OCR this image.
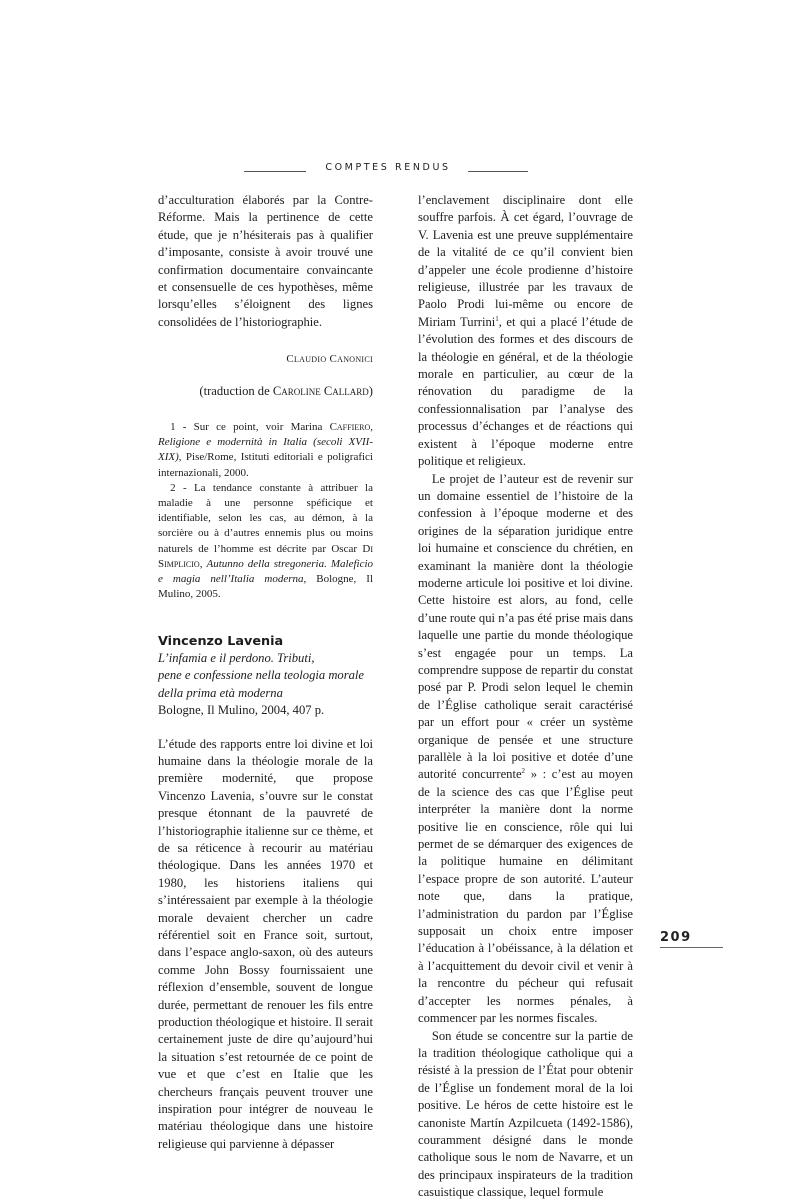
COMPTES RENDUS

d’acculturation élaborés par la Contre-Réforme. Mais la pertinence de cette étude, que je n’hésiterais pas à qualifier d’imposante, consiste à avoir trouvé une confirmation documentaire convaincante et consensuelle de ces hypothèses, même lorsqu’elles s’éloignent des lignes consolidées de l’historiographie.

Claudio Canonici
(traduction de Caroline Callard)

1 - Sur ce point, voir Marina Caffiero, Religione e modernità in Italia (secoli XVII-XIX), Pise/Rome, Istituti editoriali e poligrafici internazionali, 2000.

2 - La tendance constante à attribuer la maladie à une personne spéficique et identifiable, selon les cas, au démon, à la sorcière ou à d’autres ennemis plus ou moins naturels de l’homme est décrite par Oscar Di Simplicio, Autunno della stregoneria. Maleficio e magia nell’Italia moderna, Bologne, Il Mulino, 2005.

Vincenzo Lavenia
L’infamia e il perdono. Tributi,
pene e confessione nella teologia morale
della prima età moderna
Bologne, Il Mulino, 2004, 407 p.

L’étude des rapports entre loi divine et loi humaine dans la théologie morale de la première modernité, que propose Vincenzo Lavenia, s’ouvre sur le constat presque étonnant de la pauvreté de l’historiographie italienne sur ce thème, et de sa réticence à recourir au matériau théologique. Dans les années 1970 et 1980, les historiens italiens qui s’intéressaient par exemple à la théologie morale devaient chercher un cadre référentiel soit en France soit, surtout, dans l’espace anglo-saxon, où des auteurs comme John Bossy fournissaient une réflexion d’ensemble, souvent de longue durée, permettant de renouer les fils entre production théologique et histoire. Il serait certainement juste de dire qu’aujourd’hui la situation s’est retournée de ce point de vue et que c’est en Italie que les chercheurs français peuvent trouver une inspiration pour intégrer de nouveau le matériau théologique dans une histoire religieuse qui parvienne à dépasser

l’enclavement disciplinaire dont elle souffre parfois. À cet égard, l’ouvrage de V. Lavenia est une preuve supplémentaire de la vitalité de ce qu’il convient bien d’appeler une école prodienne d’histoire religieuse, illustrée par les travaux de Paolo Prodi lui-même ou encore de Miriam Turrini$^1$, et qui a placé l’étude de l’évolution des formes et des discours de la théologie en général, et de la théologie morale en particulier, au cœur de la rénovation du paradigme de la confessionnalisation par l’analyse des processus d’échanges et de réactions qui existent à l’époque moderne entre politique et religieux.

Le projet de l’auteur est de revenir sur un domaine essentiel de l’histoire de la confession à l’époque moderne et des origines de la séparation juridique entre loi humaine et conscience du chrétien, en examinant la manière dont la théologie moderne articule loi positive et loi divine. Cette histoire est alors, au fond, celle d’une route qui n’a pas été prise mais dans laquelle une partie du monde théologique s’est engagée pour un temps. La comprendre suppose de repartir du constat posé par P. Prodi selon lequel le chemin de l’Église catholique serait caractérisé par un effort pour « créer un système organique de pensée et une structure parallèle à la loi positive et dotée d’une autorité concurrente$^2$ » : c’est au moyen de la science des cas que l’Église peut interpréter la manière dont la norme positive lie en conscience, rôle qui lui permet de se démarquer des exigences de la politique humaine en délimitant l’espace propre de son autorité. L’auteur note que, dans la pratique, l’administration du pardon par l’Église supposait un choix entre imposer l’éducation à l’obéissance, à la délation et à l’acquittement du devoir civil et venir à la rencontre du pécheur qui refusait d’accepter les normes pénales, à commencer par les normes fiscales.

Son étude se concentre sur la partie de la tradition théologique catholique qui a résisté à la pression de l’État pour obtenir de l’Église un fondement moral de la loi positive. Le héros de cette histoire est le canoniste Martín Azpilcueta (1492-1586), couramment désigné dans le monde catholique sous le nom de Navarre, et un des principaux inspirateurs de la tradition casuistique classique, lequel formule

209
